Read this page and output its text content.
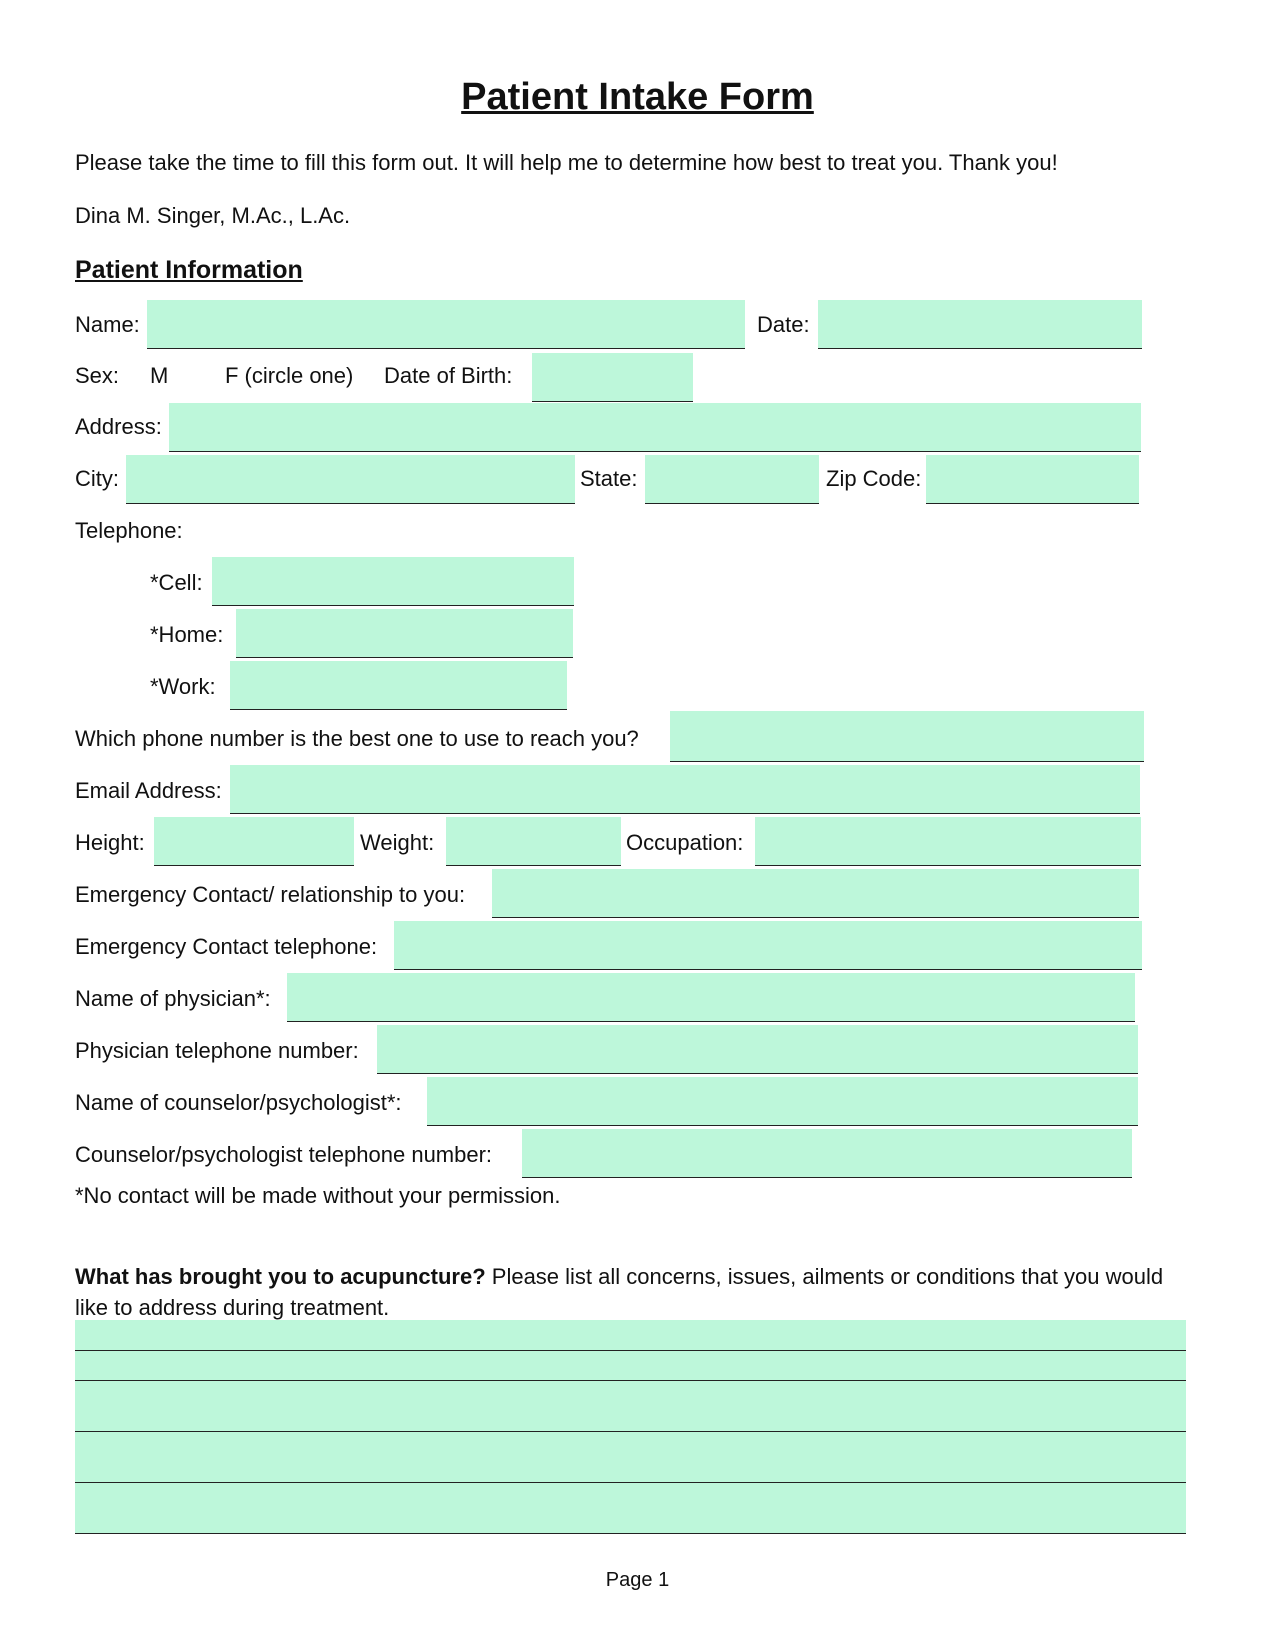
Patient Intake Form
Please take the time to fill this form out. It will help me to determine how best to treat you. Thank you!
Dina M. Singer, M.Ac., L.Ac.
Patient Information
Name:	Date:
Sex: M	F (circle one) Date of Birth:
Address:
City:	State:	Zip Code:
Telephone:
*Cell:
*Home:
*Work:
Which phone number is the best one to use to reach you?
Email Address:
Height:	Weight:	Occupation:
Emergency Contact/ relationship to you:
Emergency Contact telephone:
Name of physician*:
Physician telephone number:
Name of counselor/psychologist*:
Counselor/psychologist telephone number:
*No contact will be made without your permission.
What has brought you to acupuncture? Please list all concerns, issues, ailments or conditions that you would
like to address during treatment.
Page 1
